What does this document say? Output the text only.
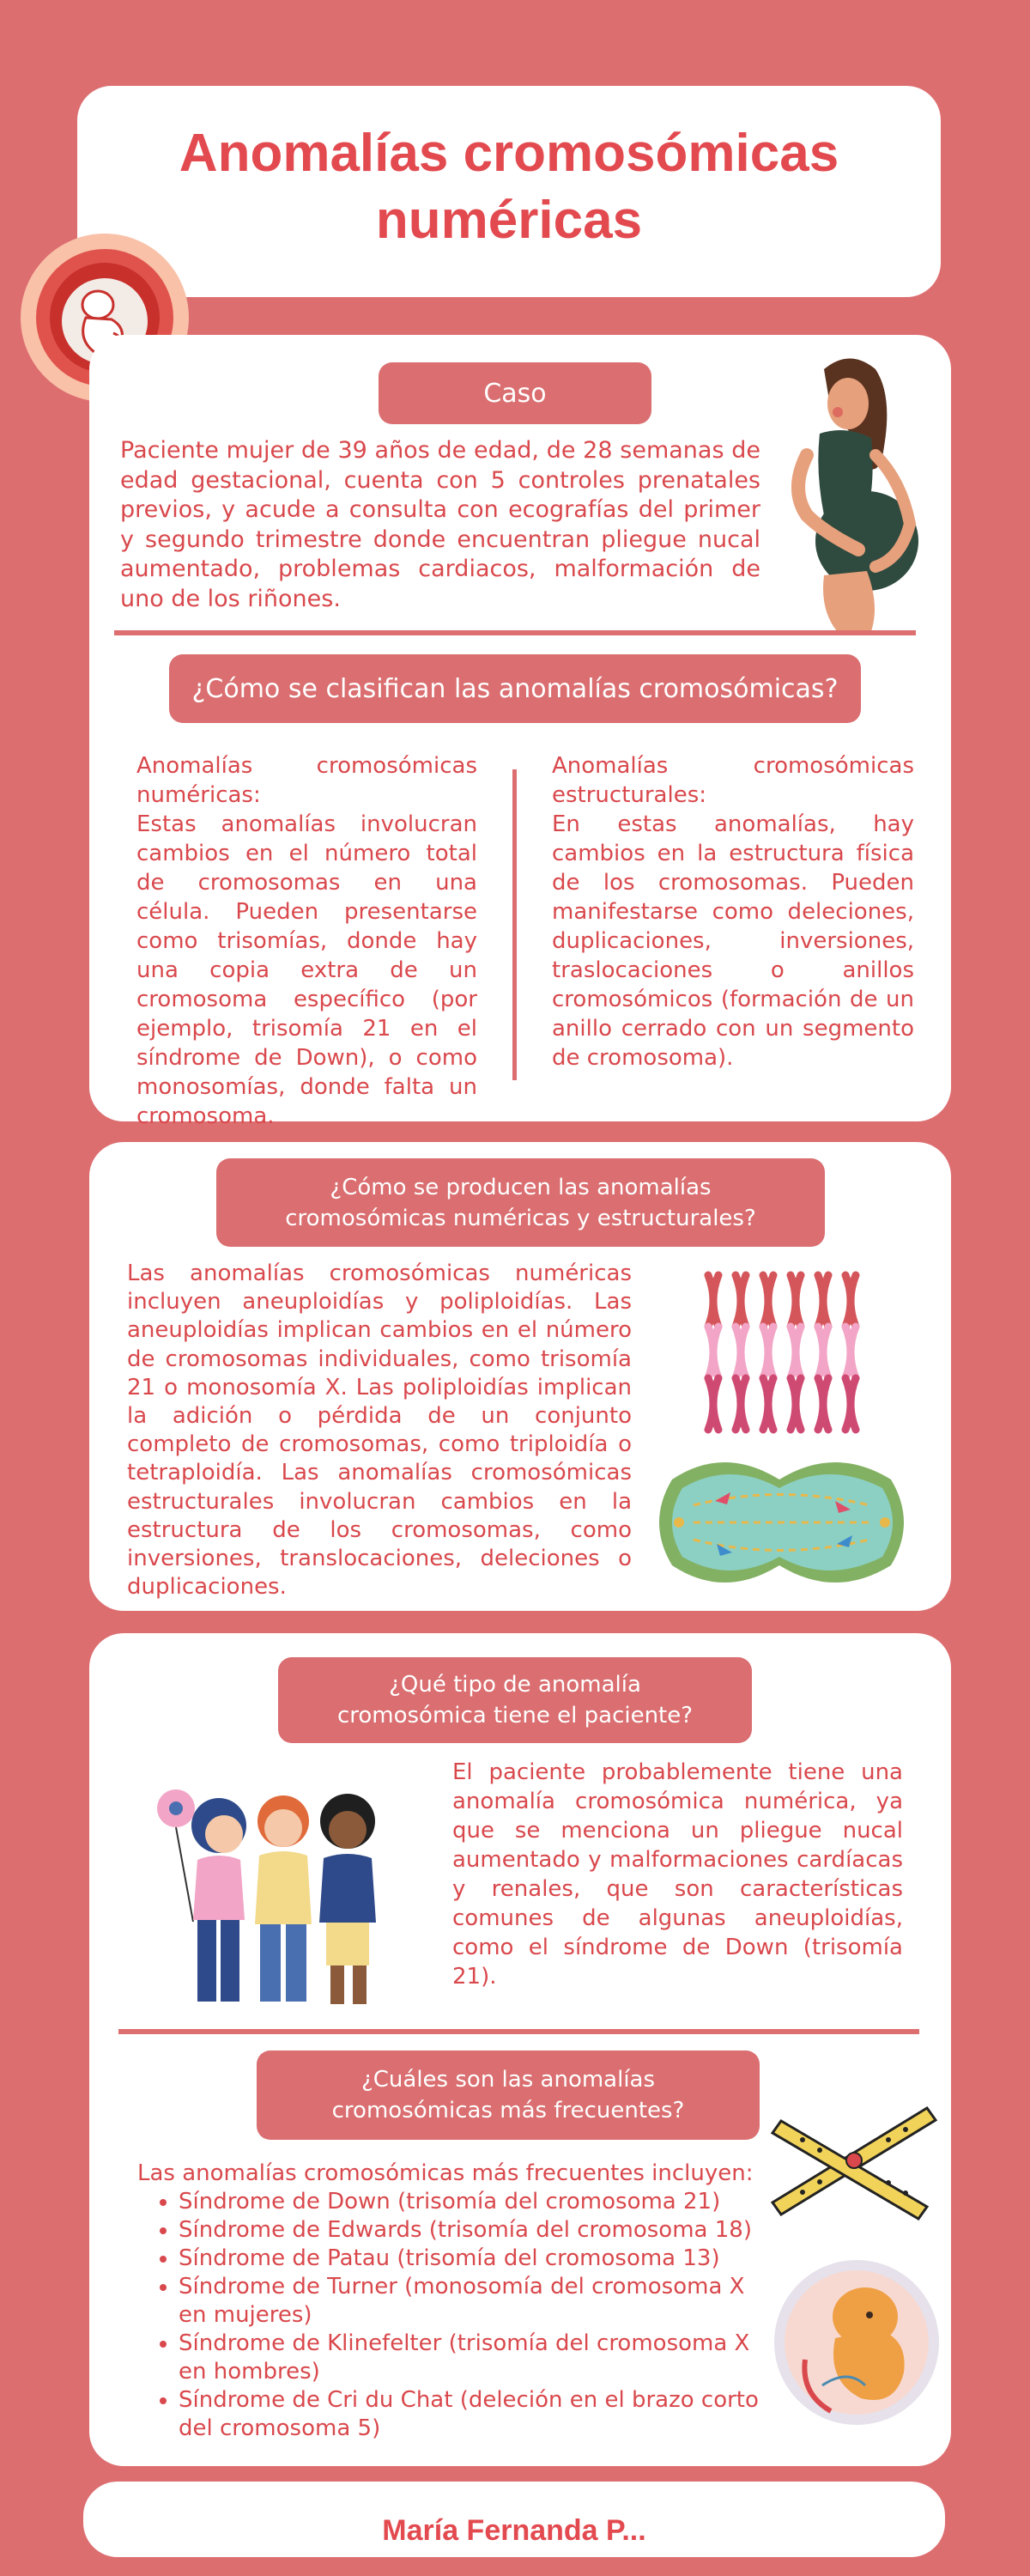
Anomalías cromosómicas
numéricas
Caso
Paciente mujer de 39 años de edad, de 28 semanas de edad gestacional, cuenta con 5 controles prenatales previos, y acude a consulta con ecografías del primer y segundo trimestre donde encuentran pliegue nucal aumentado, problemas cardiacos, malformación de uno de los riñones.
¿Cómo se clasifican las anomalías cromosómicas?
Anomalías cromosómicas numéricas:
Estas anomalías involucran cambios en el número total de cromosomas en una célula. Pueden presentarse como trisomías, donde hay una copia extra de un cromosoma específico (por ejemplo, trisomía 21 en el síndrome de Down), o como monosomías, donde falta un cromosoma.
Anomalías cromosómicas estructurales:
En estas anomalías, hay cambios en la estructura física de los cromosomas. Pueden manifestarse como deleciones, duplicaciones, inversiones, traslocaciones o anillos cromosómicos (formación de un anillo cerrado con un segmento de cromosoma).
¿Cómo se producen las anomalías
cromosómicas numéricas y estructurales?
Las anomalías cromosómicas numéricas incluyen aneuploidías y poliploidías. Las aneuploidías implican cambios en el número de cromosomas individuales, como trisomía 21 o monosomía X. Las poliploidías implican la adición o pérdida de un conjunto completo de cromosomas, como triploidía o tetraploidía. Las anomalías cromosómicas estructurales involucran cambios en la estructura de los cromosomas, como inversiones, translocaciones, deleciones o duplicaciones.
¿Qué tipo de anomalía
cromosómica tiene el paciente?
El paciente probablemente tiene una anomalía cromosómica numérica, ya que se menciona un pliegue nucal aumentado y malformaciones cardíacas y renales, que son características comunes de algunas aneuploidías, como el síndrome de Down (trisomía 21).
¿Cuáles son las anomalías
cromosómicas más frecuentes?
Las anomalías cromosómicas más frecuentes incluyen:
• Síndrome de Down (trisomía del cromosoma 21)
• Síndrome de Edwards (trisomía del cromosoma 18)
• Síndrome de Patau (trisomía del cromosoma 13)
• Síndrome de Turner (monosomía del cromosoma X en mujeres)
• Síndrome de Klinefelter (trisomía del cromosoma X en hombres)
• Síndrome de Cri du Chat (deleción en el brazo corto del cromosoma 5)
María Fernanda P...
